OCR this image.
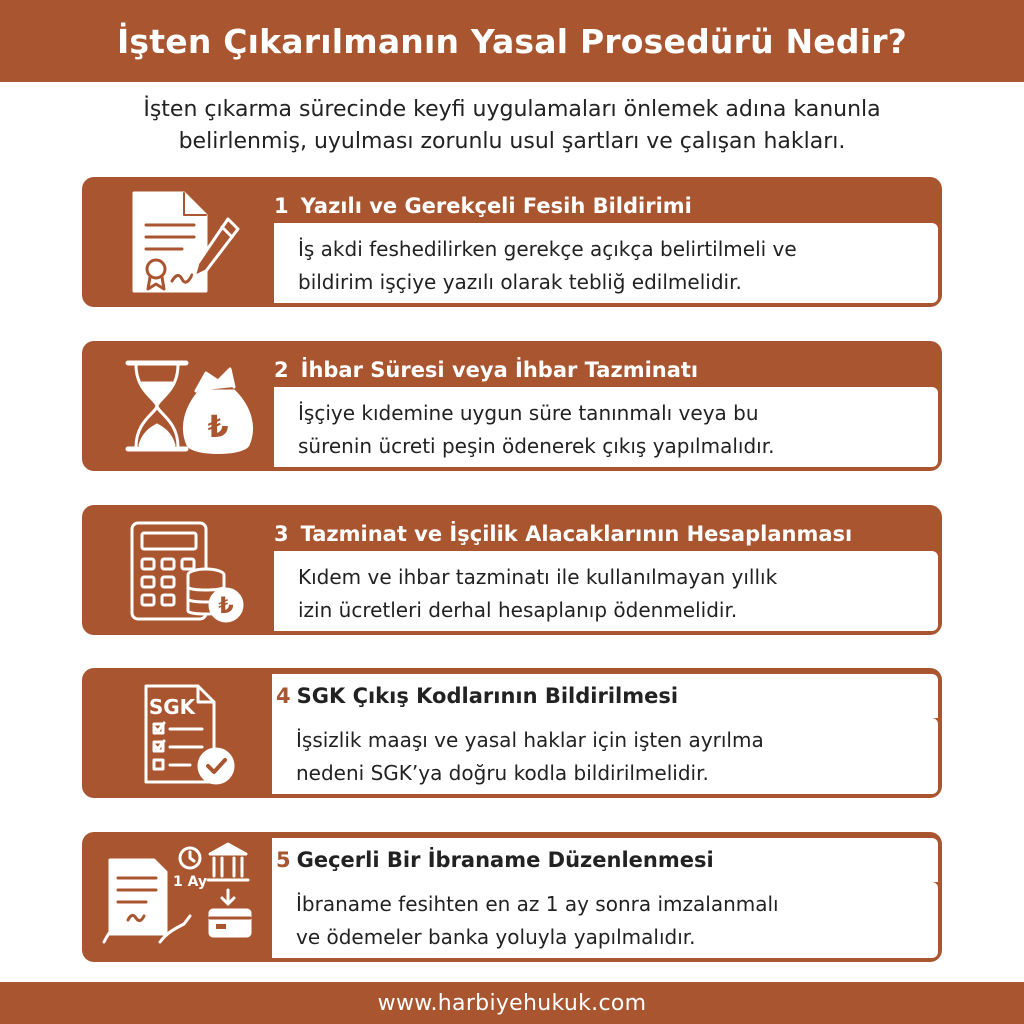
İşten Çıkarılmanın Yasal Prosedürü Nedir?
İşten çıkarma sürecinde keyfi uygulamaları önlemek adına kanunla
belirlenmiş, uyulması zorunlu usul şartları ve çalışan hakları.
1 Yazılı ve Gerekçeli Fesih Bildirimi
İş akdi feshedilirken gerekçe açıkça belirtilmeli ve
bildirim işçiye yazılı olarak tebliğ edilmelidir.
₺
2 İhbar Süresi veya İhbar Tazminatı
İşçiye kıdemine uygun süre tanınmalı veya bu
sürenin ücreti peşin ödenerek çıkış yapılmalıdır.
₺
3 Tazminat ve İşçilik Alacaklarının Hesaplanması
Kıdem ve ihbar tazminatı ile kullanılmayan yıllık
izin ücretleri derhal hesaplanıp ödenmelidir.
SGK	4 SGK Çıkış Kodlarının Bildirilmesi
İşsizlik maaşı ve yasal haklar için işten ayrılma
nedeni SGK’ya doğru kodla bildirilmelidir.
1 Ay
5 Geçerli Bir İbraname Düzenlenmesi
İbraname fesihten en az 1 ay sonra imzalanmalı
ve ödemeler banka yoluyla yapılmalıdır.
www.harbiyehukuk.com
